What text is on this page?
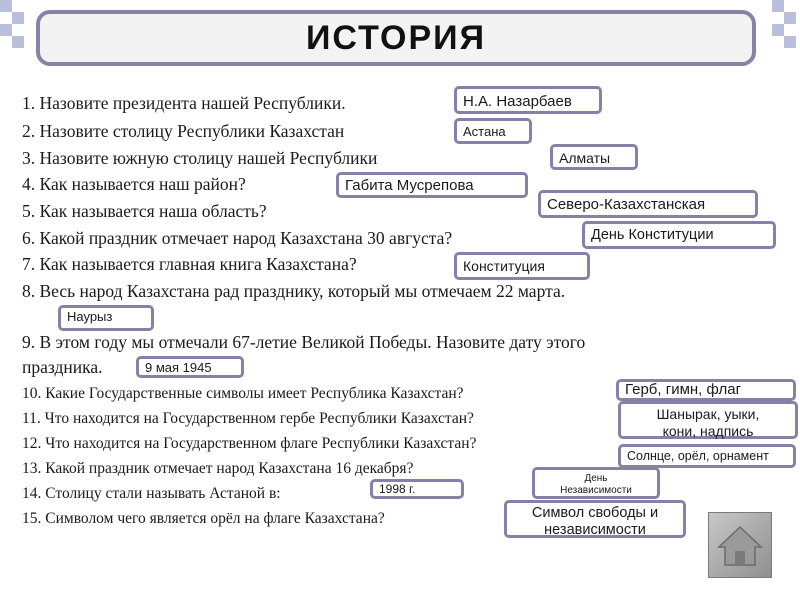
ИСТОРИЯ
1. Назовите президента нашей Республики.
2. Назовите столицу Республики Казахстан
3. Назовите южную столицу нашей Республики
4. Как называется наш район?
5. Как называется наша область?
6. Какой праздник отмечает народ Казахстана 30 августа?
7. Как называется главная книга Казахстана?
8. Весь народ Казахстана рад празднику, который мы отмечаем 22 марта.
9. В этом году мы отмечали 67-летие Великой Победы. Назовите дату этого
праздника.
10. Какие Государственные символы имеет Республика Казахстан?
11. Что находится на Государственном гербе Республики Казахстан?
12. Что находится на Государственном флаге Республики Казахстан?
13. Какой праздник отмечает народ Казахстана 16 декабря?
14. Столицу стали называть Астаной в:
15. Символом чего является орёл на флаге Казахстана?
Н.А. Назарбаев
Астана
Алматы
Габита Мусрепова
Северо-Казахстанская
День Конституции
Конституция
Наурыз
9 мая 1945
Герб, гимн, флаг
Шанырак, уыки,
кони, надпись
Солнце, орёл, орнамент
День
Независимости
1998 г.
Символ свободы и
независимости
